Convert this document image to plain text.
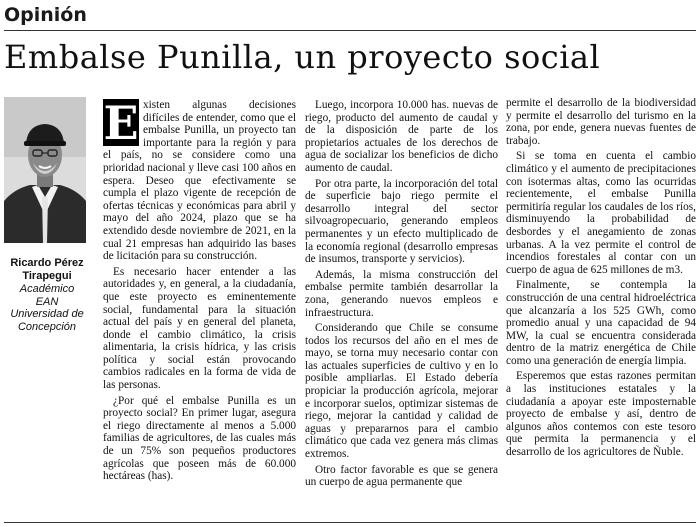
Opinión
Embalse Punilla, un proyecto social
Ricardo Pérez Tirapegui
Académico
EAN
Universidad de
Concepción

E xisten algunas decisiones difíciles de entender, como que el embalse Punilla, un proyecto tan importante para la región y para el país, no se considere como una prioridad nacional y lleve casi 100 años en espera. Deseo que efectivamente se cumpla el plazo vigente de recepción de ofertas técnicas y económicas para abril y mayo del año 2024, plazo que se ha extendido desde noviembre de 2021, en la cual 21 empresas han adquirido las bases de licitación para su construcción.

Es necesario hacer entender a las autoridades y, en general, a la ciudadanía, que este proyecto es eminentemente social, fundamental para la situación actual del país y en general del planeta, donde el cambio climático, la crisis alimentaria, la crisis hídrica, y las crisis política y social están provocando cambios radicales en la forma de vida de las personas.

¿Por qué el embalse Punilla es un proyecto social? En primer lugar, asegura el riego directamente al menos a 5.000 familias de agricultores, de las cuales más de un 75% son pequeños productores agrícolas que poseen más de 60.000 hectáreas (has).

Luego, incorpora 10.000 has. nuevas de riego, producto del aumento de caudal y de la disposición de parte de los propietarios actuales de los derechos de agua de socializar los beneficios de dicho aumento de caudal.

Por otra parte, la incorporación del total de superficie bajo riego permite el desarrollo integral del sector silvoagropecuario, generando empleos permanentes y un efecto multiplicado de la economía regional (desarrollo empresas de insumos, transporte y servicios).

Además, la misma construcción del embalse permite también desarrollar la zona, generando nuevos empleos e infraestructura.

Considerando que Chile se consume todos los recursos del año en el mes de mayo, se torna muy necesario contar con las actuales superficies de cultivo y en lo posible ampliarlas. El Estado debería propiciar la producción agrícola, mejorar e incorporar suelos, optimizar sistemas de riego, mejorar la cantidad y calidad de aguas y prepararnos para el cambio climático que cada vez genera más climas extremos.

Otro factor favorable es que se genera un cuerpo de agua permanente que

permite el desarrollo de la biodiversidad y permite el desarrollo del turismo en la zona, por ende, genera nuevas fuentes de trabajo.

Si se toma en cuenta el cambio climático y el aumento de precipitaciones con isotermas altas, como las ocurridas recientemente, el embalse Punilla permitiría regular los caudales de los ríos, disminuyendo la probabilidad de desbordes y el anegamiento de zonas urbanas. A la vez permite el control de incendios forestales al contar con un cuerpo de agua de 625 millones de m3.

Finalmente, se contempla la construcción de una central hidroeléctrica que alcanzaría a los 525 GWh, como promedio anual y una capacidad de 94 MW, la cual se encuentra considerada dentro de la matriz energética de Chile como una generación de energía limpia.

Esperemos que estas razones permitan a las instituciones estatales y la ciudadanía a apoyar este imposternable proyecto de embalse y así, dentro de algunos años contemos con este tesoro que permita la permanencia y el desarrollo de los agricultores de Ñuble.
